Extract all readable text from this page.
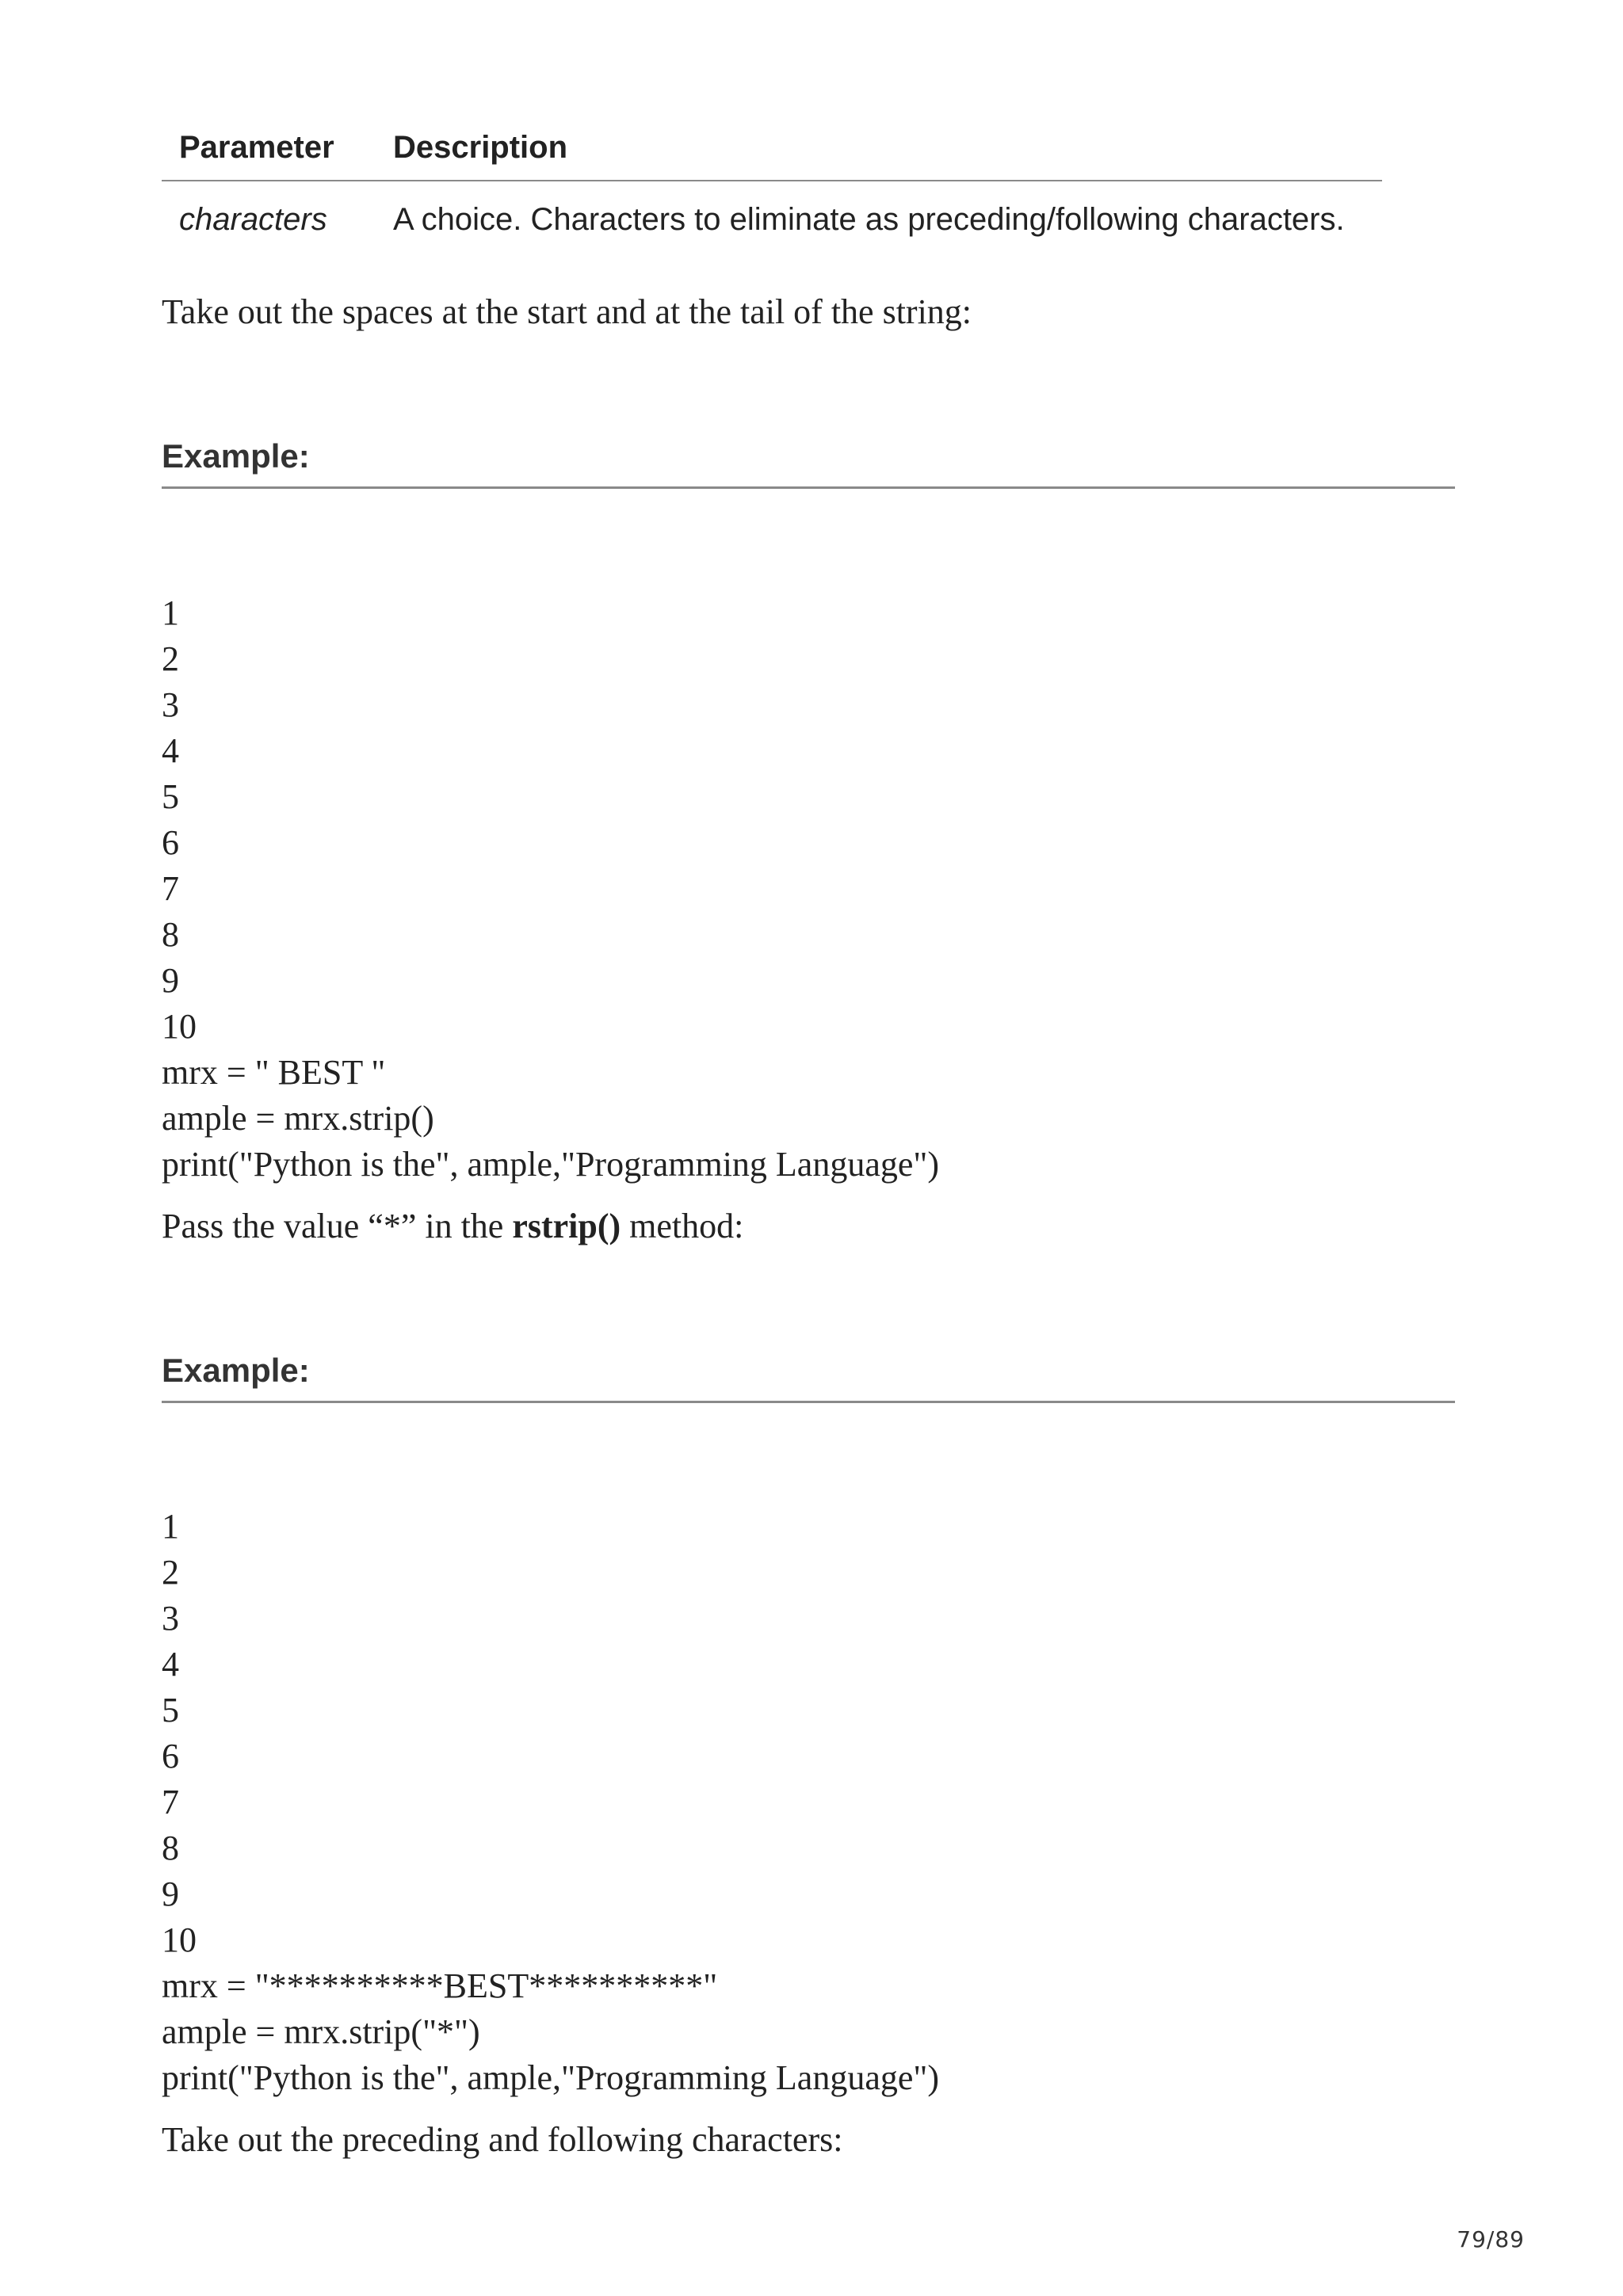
Parameter	Description
characters	A choice. Characters to eliminate as preceding/following characters.

Take out the spaces at the start and at the tail of the string:

Example:
1
2
3
4
5
6
7
8
9
10
mrx = " BEST "
ample = mrx.strip()
print("Python is the", ample,"Programming Language")

Pass the value “*” in the rstrip() method:

Example:
1
2
3
4
5
6
7
8
9
10
mrx = "**********BEST**********"
ample = mrx.strip("*")
print("Python is the", ample,"Programming Language")

Take out the preceding and following characters:

79/89
